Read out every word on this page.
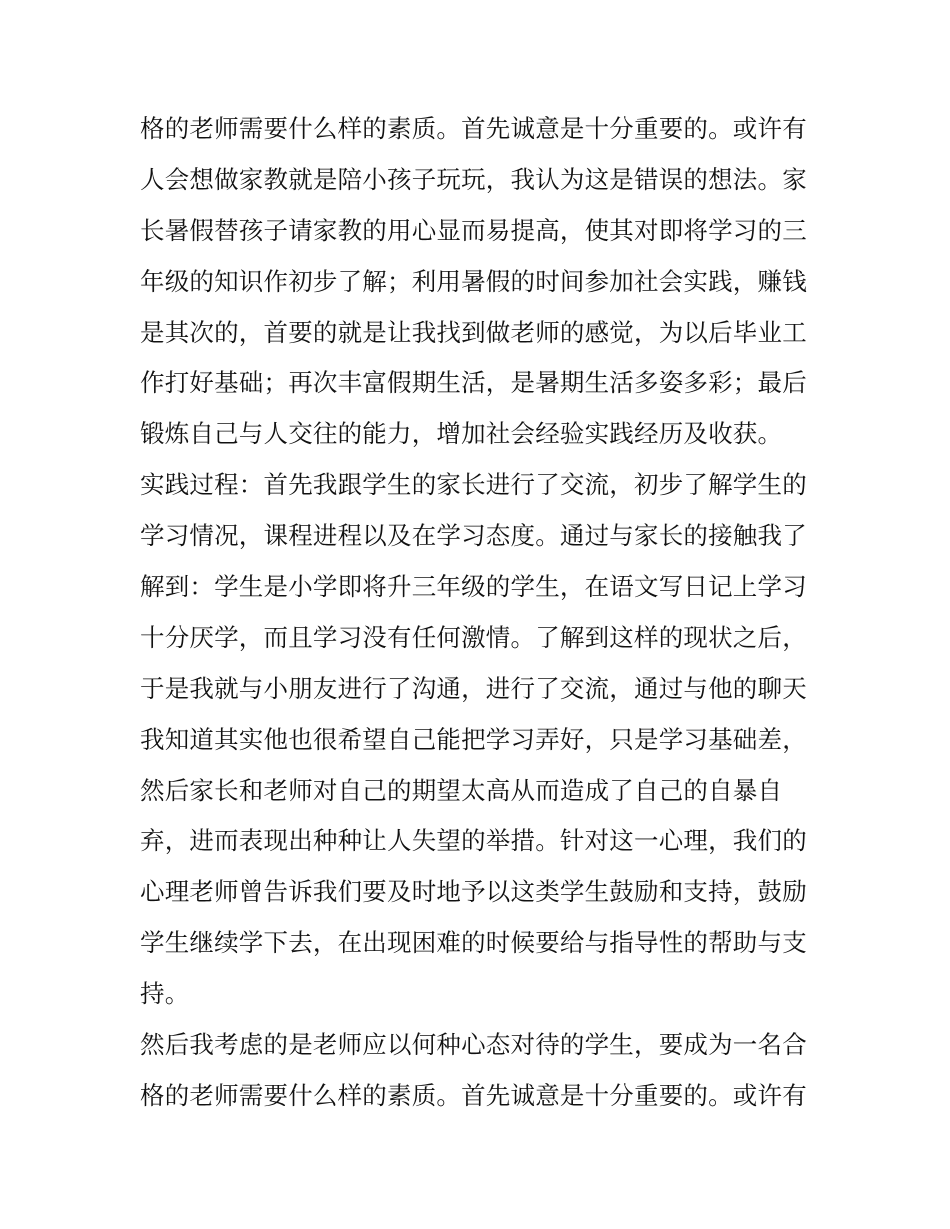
格的老师需要什么样的素质。首先诚意是十分重要的。或许有
人会想做家教就是陪小孩子玩玩，我认为这是错误的想法。家
长暑假替孩子请家教的用心显而易提高，使其对即将学习的三
年级的知识作初步了解；利用暑假的时间参加社会实践，赚钱
是其次的，首要的就是让我找到做老师的感觉，为以后毕业工
作打好基础；再次丰富假期生活，是暑期生活多姿多彩；最后
锻炼自己与人交往的能力，增加社会经验实践经历及收获。
实践过程：首先我跟学生的家长进行了交流，初步了解学生的
学习情况，课程进程以及在学习态度。通过与家长的接触我了
解到：学生是小学即将升三年级的学生，在语文写日记上学习
十分厌学，而且学习没有任何激情。了解到这样的现状之后，
于是我就与小朋友进行了沟通，进行了交流，通过与他的聊天
我知道其实他也很希望自己能把学习弄好，只是学习基础差，
然后家长和老师对自己的期望太高从而造成了自己的自暴自
弃，进而表现出种种让人失望的举措。针对这一心理，我们的
心理老师曾告诉我们要及时地予以这类学生鼓励和支持，鼓励
学生继续学下去，在出现困难的时候要给与指导性的帮助与支
持。
然后我考虑的是老师应以何种心态对待的学生，要成为一名合
格的老师需要什么样的素质。首先诚意是十分重要的。或许有
